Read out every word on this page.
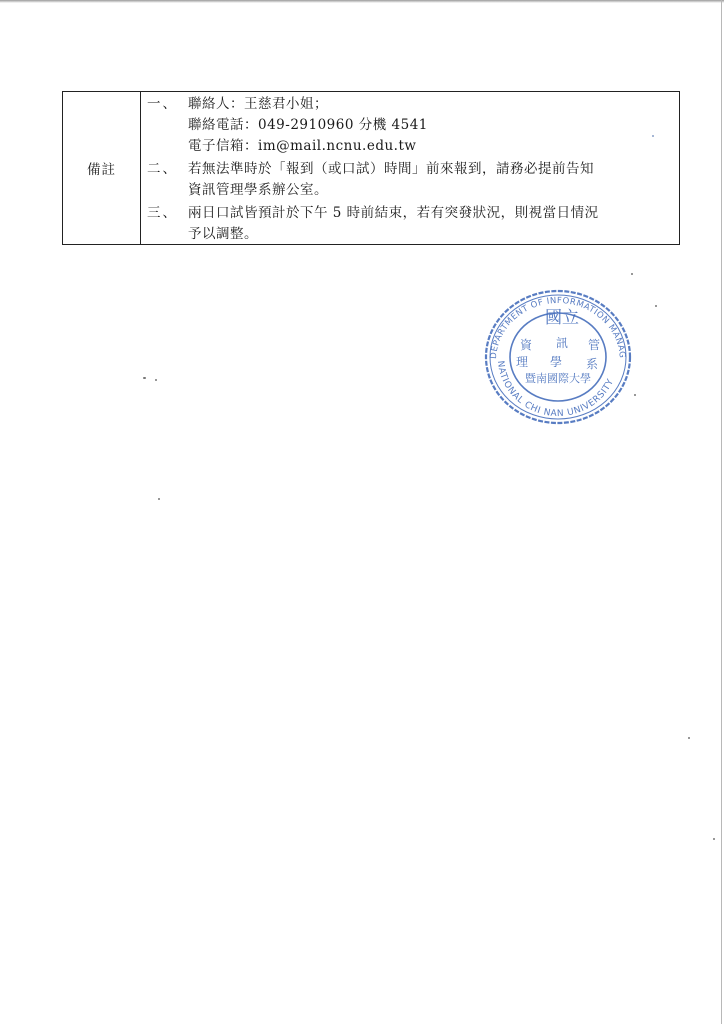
備註
一、 聯絡人：王慈君小姐；
聯絡電話：049-2910960 分機 4541
電子信箱：im@mail.ncnu.edu.tw
二、 若無法準時於「報到（或口試）時間」前來報到，請務必提前告知
資訊管理學系辦公室。
三、 兩日口試皆預計於下午 5 時前結束，若有突發狀況，則視當日情況
予以調整。
DEPARTMENT OF INFORMATION MANAG
NATIONAL CHI NAN UNIVERSITY
國立
資 訊 管
理 學 系
暨南國際大學
